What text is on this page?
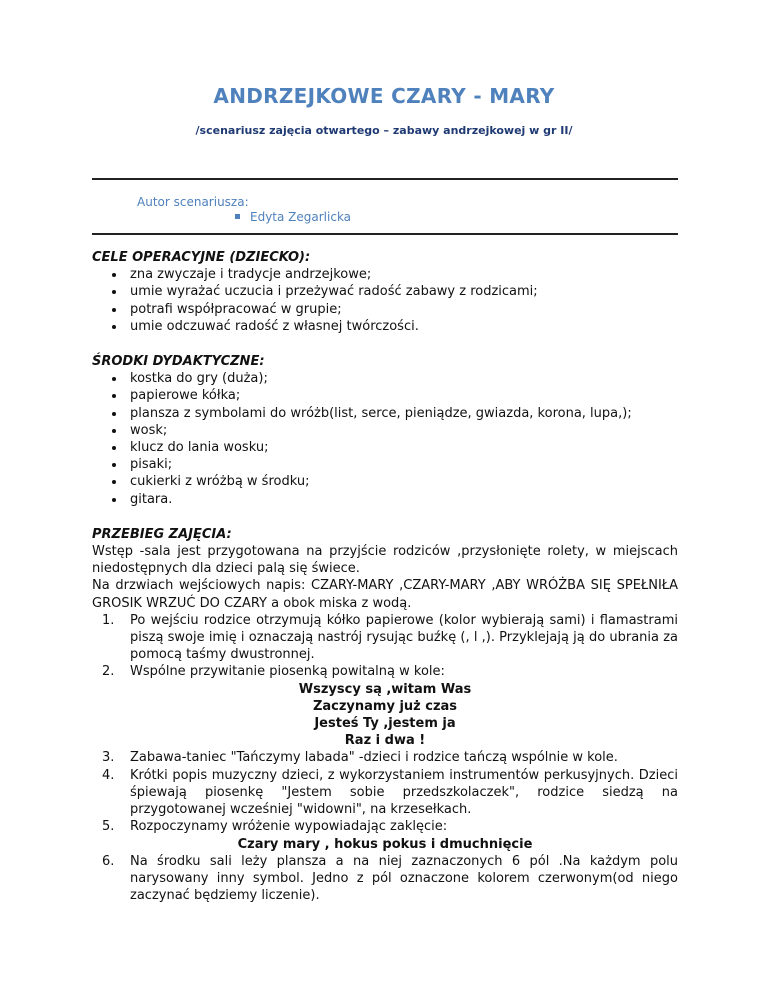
ANDRZEJKOWE CZARY - MARY
/scenariusz zajęcia otwartego – zabawy andrzejkowej w gr II/
Autor scenariusza:
Edyta Zegarlicka
CELE OPERACYJNE (DZIECKO):
zna zwyczaje i tradycje andrzejkowe;
umie wyrażać uczucia i przeżywać radość zabawy z rodzicami;
potrafi współpracować w grupie;
umie odczuwać radość z własnej twórczości.
ŚRODKI DYDAKTYCZNE:
kostka do gry (duża);
papierowe kółka;
plansza z symbolami do wróżb(list, serce, pieniądze, gwiazda, korona, lupa,);
wosk;
klucz do lania wosku;
pisaki;
cukierki z wróżbą w środku;
gitara.
PRZEBIEG ZAJĘCIA:
Wstęp -sala jest przygotowana na przyjście rodziców ,przysłonięte rolety, w miejscach niedostępnych dla dzieci palą się świece.
Na drzwiach wejściowych napis: CZARY-MARY ,CZARY-MARY ,ABY WRÓŻBA SIĘ SPEŁNIŁA GROSIK WRZUĆ DO CZARY a obok miska z wodą.
1. Po wejściu rodzice otrzymują kółko papierowe (kolor wybierają sami) i flamastrami piszą swoje imię i oznaczają nastrój rysując buźkę (, l ,). Przyklejają ją do ubrania za pomocą taśmy dwustronnej.
2. Wspólne przywitanie piosenką powitalną w kole:
Wszyscy są ,witam Was
Zaczynamy już czas
Jesteś Ty ,jestem ja
Raz i dwa !
3. Zabawa-taniec "Tańczymy labada" -dzieci i rodzice tańczą wspólnie w kole.
4. Krótki popis muzyczny dzieci, z wykorzystaniem instrumentów perkusyjnych. Dzieci śpiewają piosenkę "Jestem sobie przedszkolaczek", rodzice siedzą na przygotowanej wcześniej "widowni", na krzesełkach.
5. Rozpoczynamy wróżenie wypowiadając zaklęcie:
Czary mary , hokus pokus i dmuchnięcie
6. Na środku sali leży plansza a na niej zaznaczonych 6 pól .Na każdym polu narysowany inny symbol. Jedno z pól oznaczone kolorem czerwonym(od niego zaczynać będziemy liczenie).
